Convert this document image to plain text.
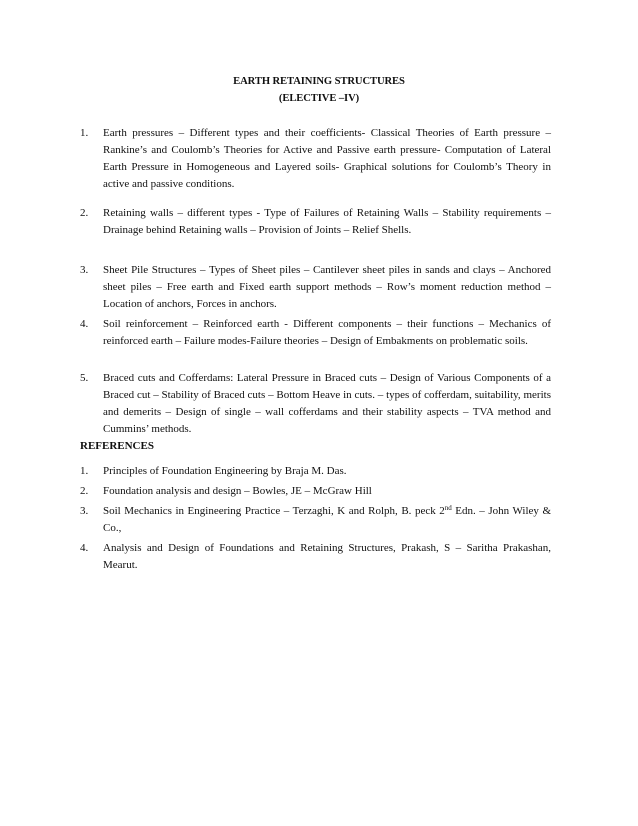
EARTH RETAINING STRUCTURES
(ELECTIVE –IV)
1.	Earth pressures – Different types and their coefficients- Classical Theories of Earth pressure – Rankine’s and Coulomb’s Theories for Active and Passive earth pressure- Computation of Lateral Earth Pressure in Homogeneous and Layered soils- Graphical solutions for Coulomb’s Theory in active and passive conditions.
2.	Retaining walls – different types - Type of Failures of Retaining Walls – Stability requirements – Drainage behind Retaining walls – Provision of Joints – Relief Shells.
3.	Sheet Pile Structures – Types of Sheet piles – Cantilever sheet piles in sands and clays – Anchored sheet piles – Free earth and Fixed earth support methods – Row’s moment reduction method – Location of anchors, Forces in anchors.
4.	Soil reinforcement – Reinforced earth - Different components – their functions – Mechanics of reinforced earth – Failure modes-Failure theories – Design of Embakments on problematic soils.
5.	Braced cuts and Cofferdams: Lateral Pressure in Braced cuts – Design of Various Components of a Braced cut – Stability of Braced cuts – Bottom Heave in cuts. – types of cofferdam, suitability, merits and demerits – Design of single – wall cofferdams and their stability aspects – TVA method and Cummins’ methods.
REFERENCES
1.	Principles of Foundation Engineering by Braja M. Das.
2.	Foundation analysis and design – Bowles, JE – McGraw Hill
3.	Soil Mechanics in Engineering Practice – Terzaghi, K and Rolph, B. peck 2nd Edn. – John Wiley & Co.,
4.	Analysis and Design of Foundations and Retaining Structures, Prakash, S – Saritha Prakashan, Mearut.
